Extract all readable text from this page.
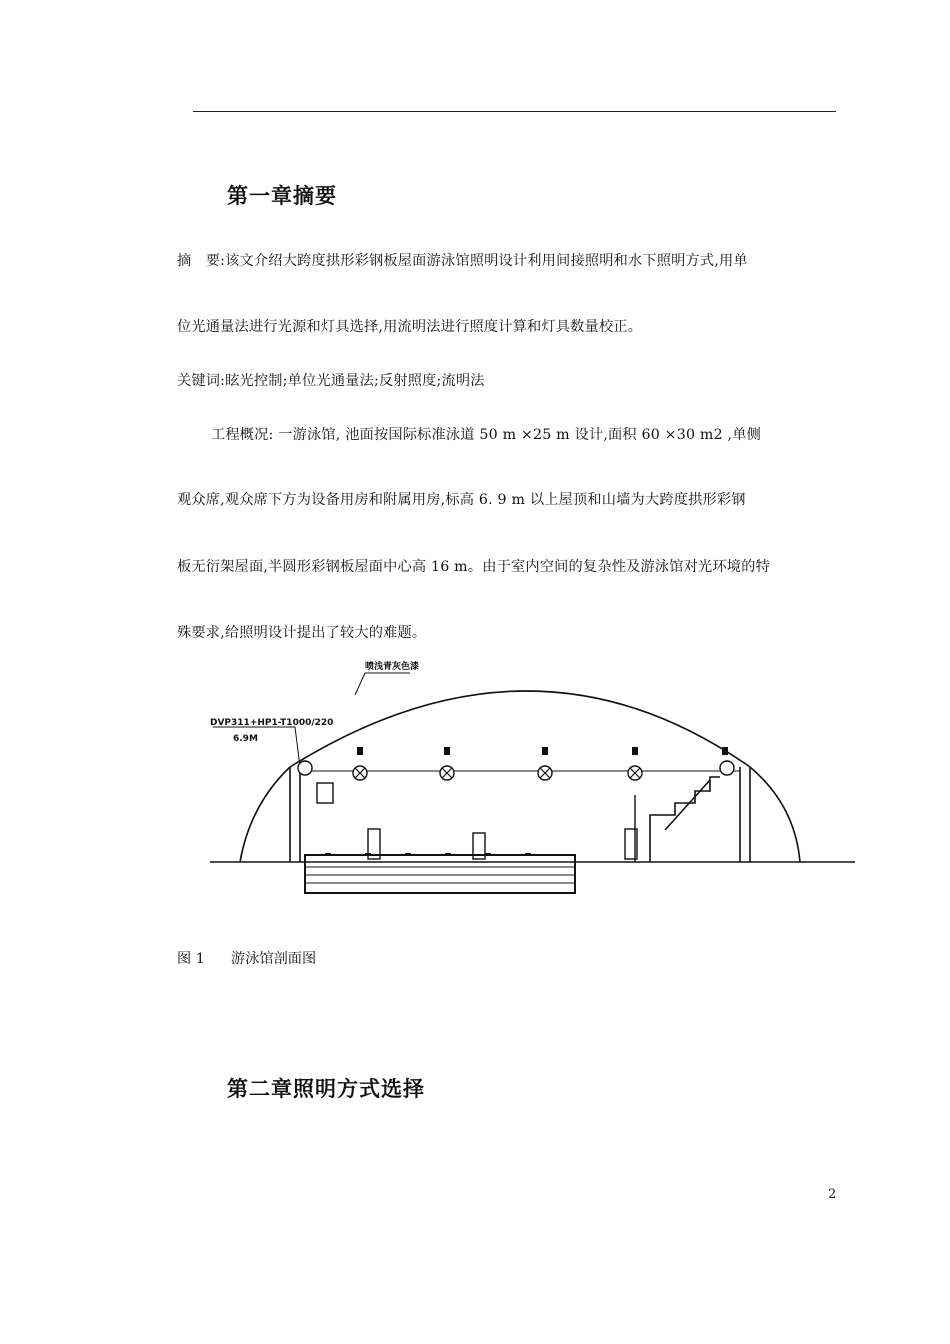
第一章摘要
摘　要:该文介绍大跨度拱形彩钢板屋面游泳馆照明设计利用间接照明和水下照明方式,用单
位光通量法进行光源和灯具选择,用流明法进行照度计算和灯具数量校正。
关键词:眩光控制;单位光通量法;反射照度;流明法
工程概况: 一游泳馆, 池面按国际标准泳道 50 m ×25 m 设计,面积 60 ×30 m2 ,单侧
观众席,观众席下方为设备用房和附属用房,标高 6. 9 m 以上屋顶和山墙为大跨度拱形彩钢
板无衍架屋面,半圆形彩钢板屋面中心高 16 m。由于室内空间的复杂性及游泳馆对光环境的特
殊要求,给照明设计提出了较大的难题。
喷浅青灰色漆
DVP311+HP1-T1000/220
6.9M
图 1 游泳馆剖面图
第二章照明方式选择
2
